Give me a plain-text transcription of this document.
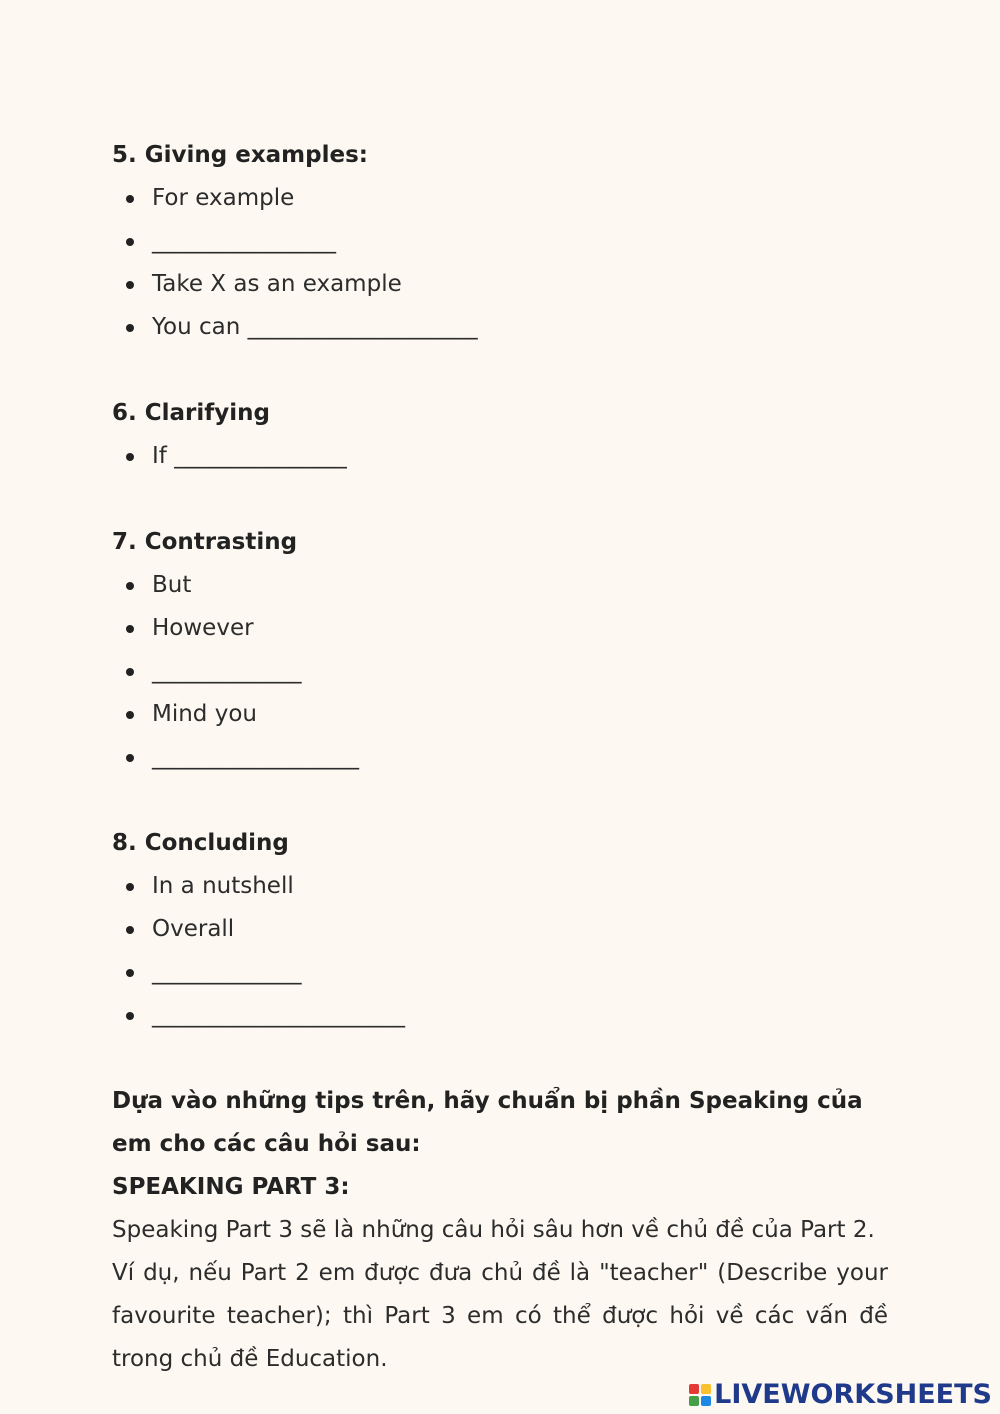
5. Giving examples:

For example
________________
Take X as an example
You can ____________________

6. Clarifying

If _______________

7. Contrasting

But
However
_____________
Mind you
__________________

8. Concluding

In a nutshell
Overall
_____________
______________________

Dựa vào những tips trên, hãy chuẩn bị phần Speaking của em cho các câu hỏi sau:

SPEAKING PART 3:

Speaking Part 3 sẽ là những câu hỏi sâu hơn về chủ đề của Part 2.

Ví dụ, nếu Part 2 em được đưa chủ đề là "teacher" (Describe your favourite teacher); thì Part 3 em có thể được hỏi về các vấn đề trong chủ đề Education.

LIVEWORKSHEETS
